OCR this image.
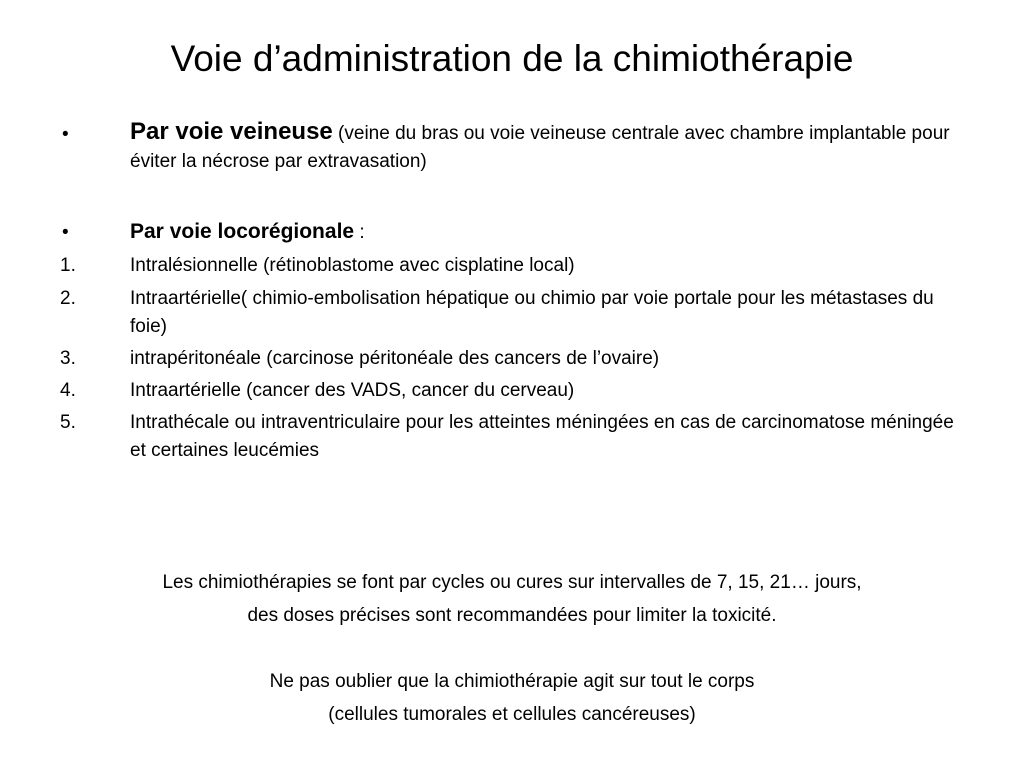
Voie d’administration de la chimiothérapie
•	Par voie veineuse (veine du bras ou voie veineuse centrale avec chambre implantable pour éviter la nécrose par extravasation)
•	Par voie locorégionale :
1.	Intralésionnelle (rétinoblastome avec cisplatine local)
2.	Intraartérielle( chimio-embolisation hépatique ou chimio par voie portale pour les métastases du foie)
3.	intrapéritonéale (carcinose péritonéale des cancers de l’ovaire)
4.	Intraartérielle (cancer des VADS, cancer du cerveau)
5.	Intrathécale ou intraventriculaire pour les atteintes méningées en cas de carcinomatose méningée et certaines leucémies
Les chimiothérapies se font par cycles ou cures sur intervalles de 7, 15, 21… jours,
des doses précises sont recommandées pour limiter la toxicité.
Ne pas oublier que la chimiothérapie agit sur tout le corps
(cellules tumorales et cellules cancéreuses)
